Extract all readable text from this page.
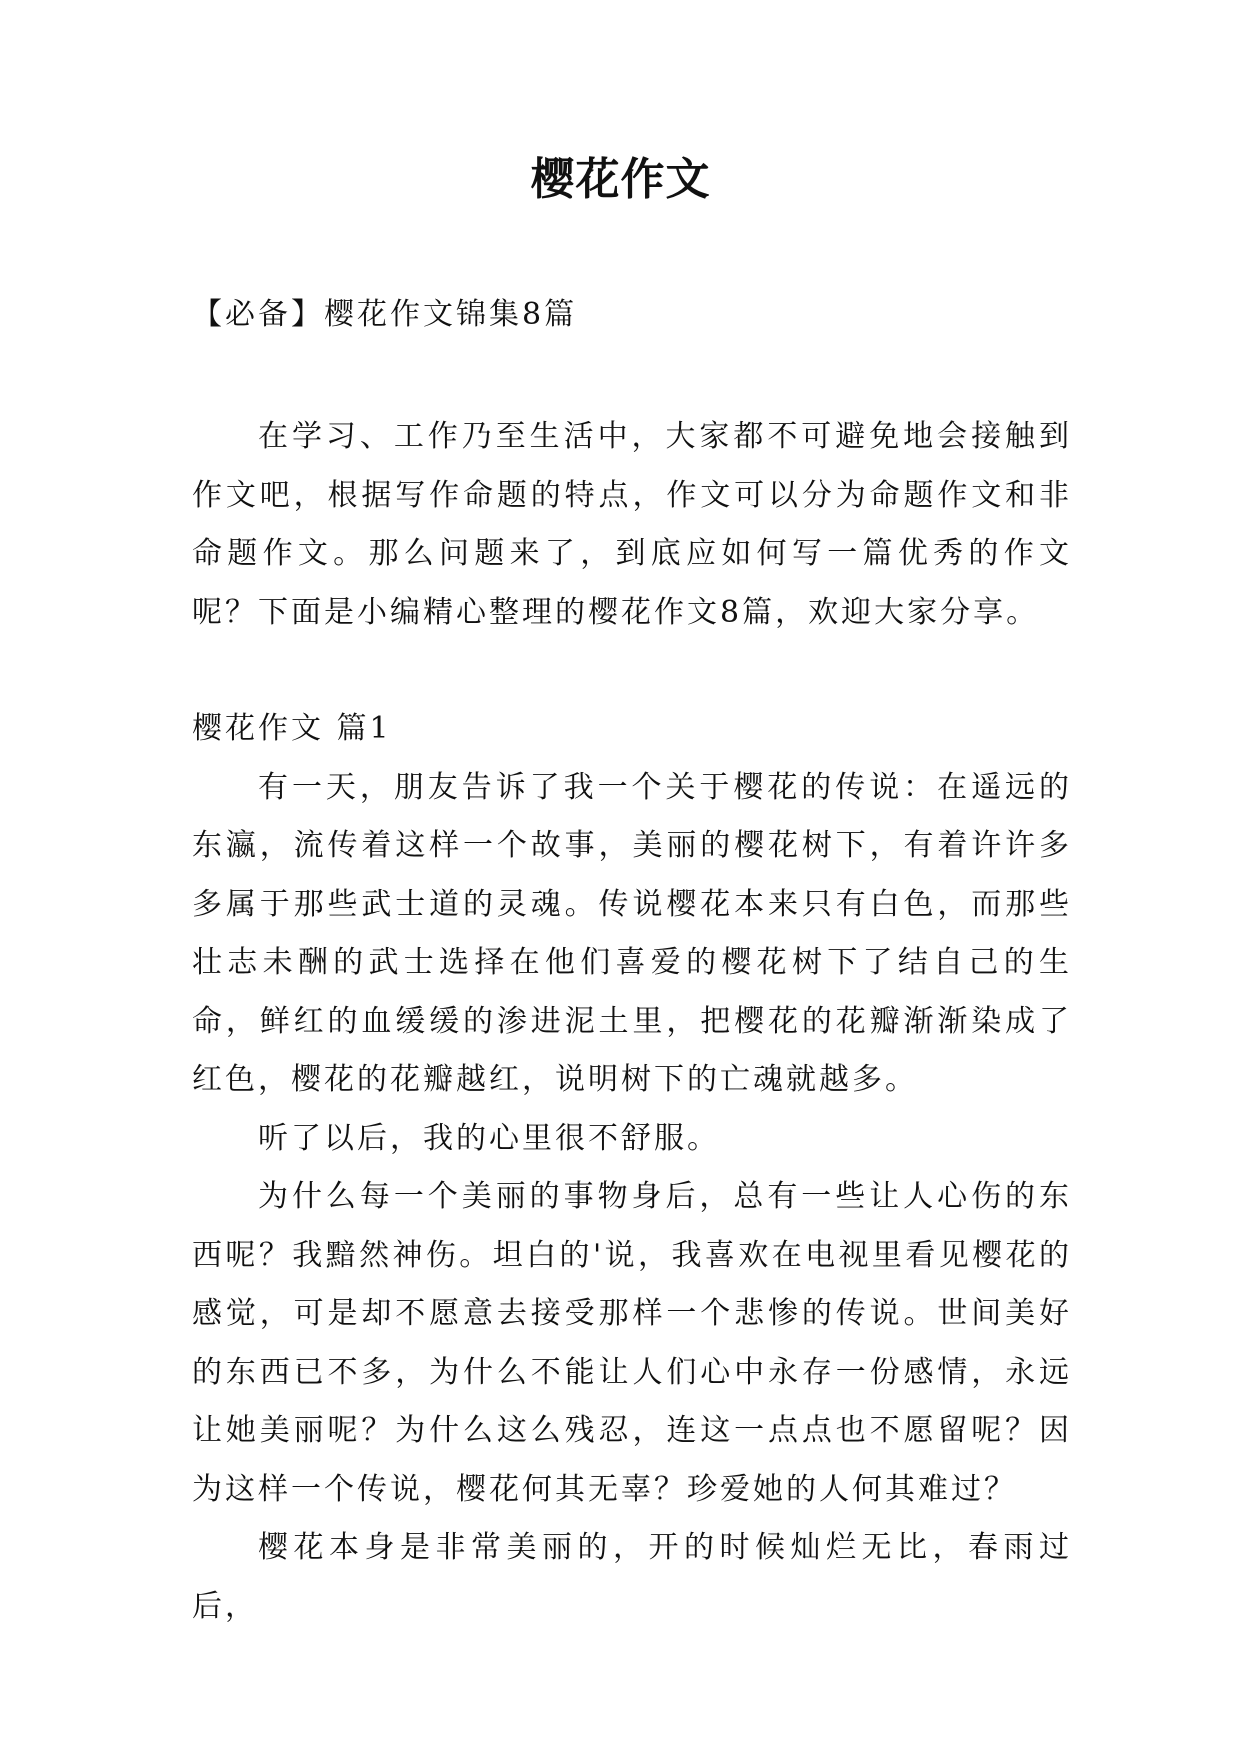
樱花作文

【必备】樱花作文锦集8篇

在学习、工作乃至生活中，大家都不可避免地会接触到作文吧，根据写作命题的特点，作文可以分为命题作文和非命题作文。那么问题来了，到底应如何写一篇优秀的作文呢？下面是小编精心整理的樱花作文8篇，欢迎大家分享。

樱花作文 篇1

有一天，朋友告诉了我一个关于樱花的传说：在遥远的东瀛，流传着这样一个故事，美丽的樱花树下，有着许许多多属于那些武士道的灵魂。传说樱花本来只有白色，而那些壮志未酬的武士选择在他们喜爱的樱花树下了结自己的生命，鲜红的血缓缓的渗进泥土里，把樱花的花瓣渐渐染成了红色，樱花的花瓣越红，说明树下的亡魂就越多。

听了以后，我的心里很不舒服。

为什么每一个美丽的事物身后，总有一些让人心伤的东西呢？我黯然神伤。坦白的'说，我喜欢在电视里看见樱花的感觉，可是却不愿意去接受那样一个悲惨的传说。世间美好的东西已不多，为什么不能让人们心中永存一份感情，永远让她美丽呢？为什么这么残忍，连这一点点也不愿留呢？因为这样一个传说，樱花何其无辜？珍爱她的人何其难过？

樱花本身是非常美丽的，开的时候灿烂无比，春雨过后，
